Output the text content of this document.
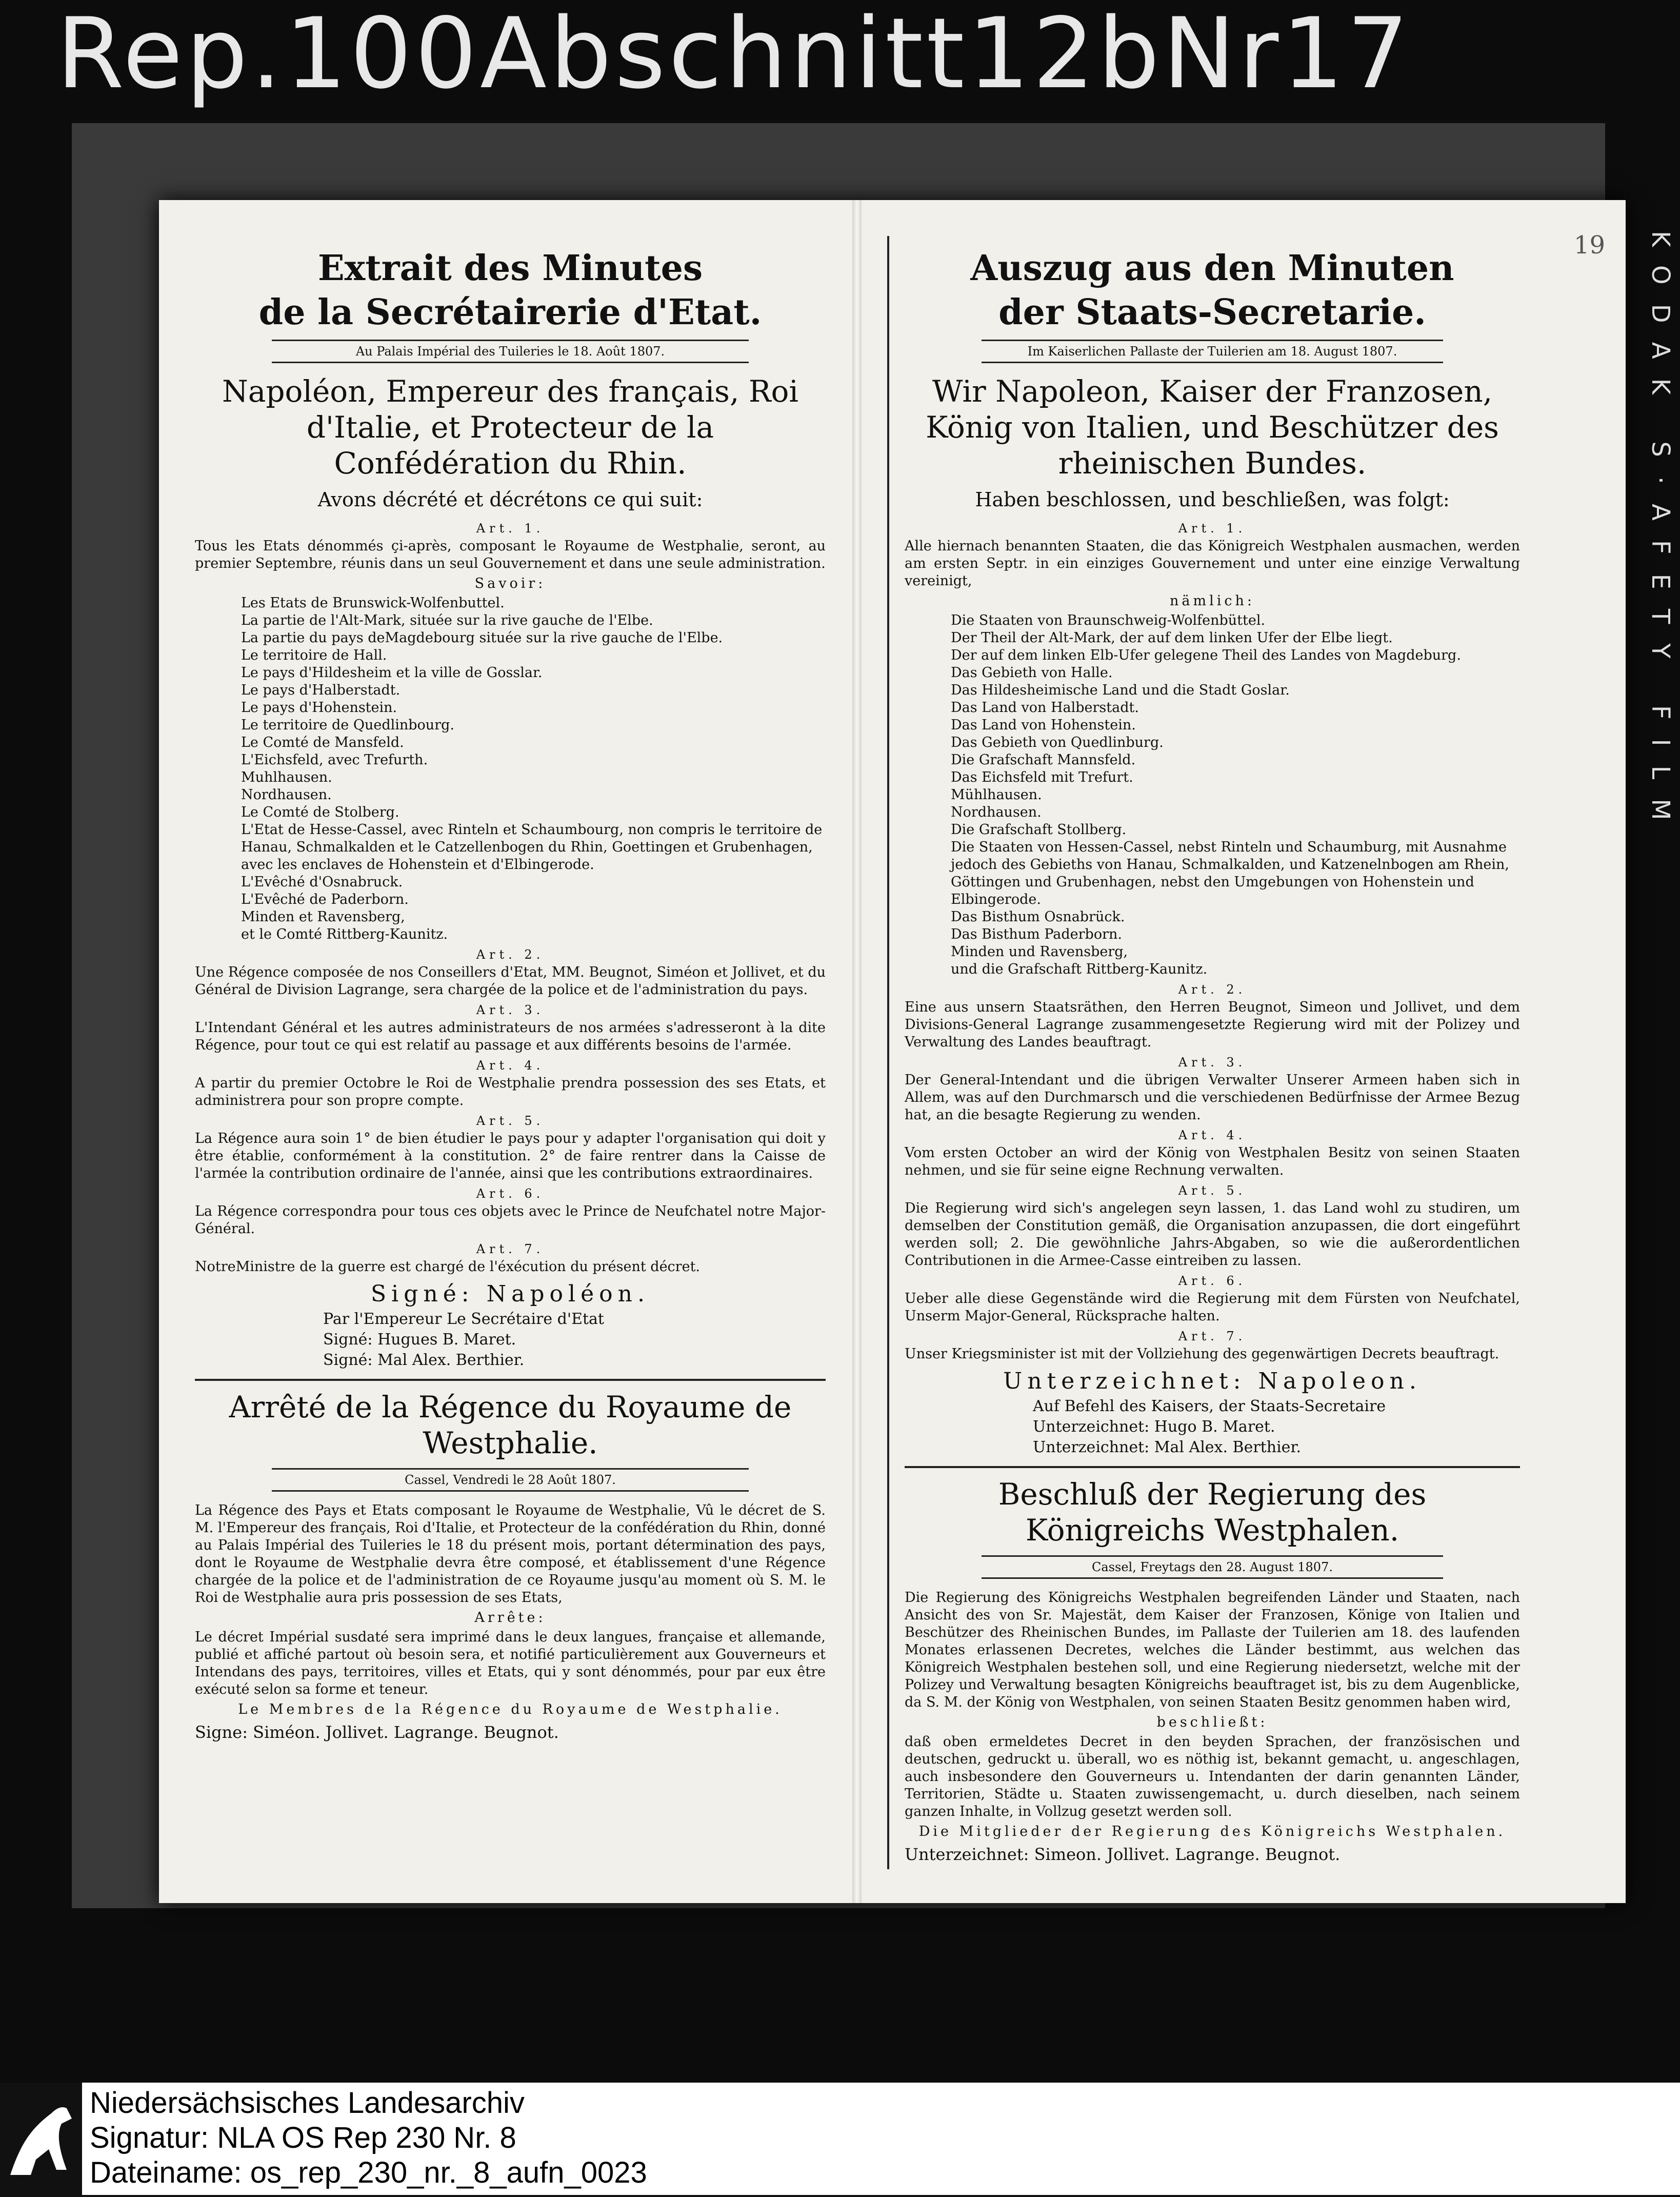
Rep.100Abschnitt12bNr17
KODAK S·AFETY FILM
19
Extrait des Minutes
de la Secrétairerie d'Etat.
Au Palais Impérial des Tuileries le 18. Août 1807.
Napoléon, Empereur des français, Roi d'Italie, et Protecteur de la Confédération du Rhin.
Avons décrété et décrétons ce qui suit:
Art. 1.

Tous les Etats dénommés çi-après, composant le Royaume de Westphalie, seront, au premier Septembre, réunis dans un seul Gouvernement et dans une seule administration.

Savoir:
Les Etats de Brunswick-Wolfenbuttel.
La partie de l'Alt-Mark, située sur la rive gauche de l'Elbe.
La partie du pays deMagdebourg située sur la rive gauche de l'Elbe.
Le territoire de Hall.
Le pays d'Hildesheim et la ville de Gosslar.
Le pays d'Halberstadt.
Le pays d'Hohenstein.
Le territoire de Quedlinbourg.
Le Comté de Mansfeld.
L'Eichsfeld, avec Trefurth.
Muhlhausen.
Nordhausen.
Le Comté de Stolberg.
L'Etat de Hesse-Cassel, avec Rinteln et Schaumbourg, non compris le territoire de Hanau, Schmalkalden et le Catzellenbogen du Rhin, Goettingen et Grubenhagen, avec les enclaves de Hohenstein et d'Elbingerode.
L'Evêché d'Osnabruck.
L'Evêché de Paderborn.
Minden et Ravensberg,
et le Comté Rittberg-Kaunitz.
Art. 2.

Une Régence composée de nos Conseillers d'Etat, MM. Beugnot, Siméon et Jollivet, et du Général de Division Lagrange, sera chargée de la police et de l'administration du pays.

Art. 3.

L'Intendant Général et les autres administrateurs de nos armées s'adresseront à la dite Régence, pour tout ce qui est relatif au passage et aux différents besoins de l'armée.

Art. 4.

A partir du premier Octobre le Roi de Westphalie prendra possession des ses Etats, et administrera pour son propre compte.

Art. 5.

La Régence aura soin 1° de bien étudier le pays pour y adapter l'organisation qui doit y être établie, conformément à la constitution. 2° de faire rentrer dans la Caisse de l'armée la contribution ordinaire de l'année, ainsi que les contributions extraordinaires.

Art. 6.

La Régence correspondra pour tous ces objets avec le Prince de Neufchatel notre Major-Général.

Art. 7.

NotreMinistre de la guerre est chargé de l'éxécution du présent décret.

Signé: Napoléon.
Par l'Empereur Le Secrétaire d'Etat
Signé: Hugues B. Maret.
Signé: Mal Alex. Berthier.
Arrêté de la Régence du Royaume de Westphalie.
Cassel, Vendredi le 28 Août 1807.

La Régence des Pays et Etats composant le Royaume de Westphalie, Vû le décret de S. M. l'Empereur des français, Roi d'Italie, et Protecteur de la confédération du Rhin, donné au Palais Impérial des Tuileries le 18 du présent mois, portant détermination des pays, dont le Royaume de Westphalie devra être composé, et établissement d'une Régence chargée de la police et de l'administration de ce Royaume jusqu'au moment où S. M. le Roi de Westphalie aura pris possession de ses Etats,

Arrête:

Le décret Impérial susdaté sera imprimé dans le deux langues, française et allemande, publié et affiché partout où besoin sera, et notifié particulièrement aux Gouverneurs et Intendans des pays, territoires, villes et Etats, qui y sont dénommés, pour par eux être exécuté selon sa forme et teneur.

Le Membres de la Régence du Royaume de Westphalie.
Signe: Siméon. Jollivet. Lagrange. Beugnot.
Auszug aus den Minuten
der Staats-Secretarie.
Im Kaiserlichen Pallaste der Tuilerien am 18. August 1807.
Wir Napoleon, Kaiser der Franzosen, König von Italien, und Beschützer des rheinischen Bundes.
Haben beschlossen, und beschließen, was folgt:
Art. 1.

Alle hiernach benannten Staaten, die das Königreich Westphalen ausmachen, werden am ersten Septr. in ein einziges Gouvernement und unter eine einzige Verwaltung vereinigt,

nämlich:
Die Staaten von Braunschweig-Wolfenbüttel.
Der Theil der Alt-Mark, der auf dem linken Ufer der Elbe liegt.
Der auf dem linken Elb-Ufer gelegene Theil des Landes von Magdeburg.
Das Gebieth von Halle.
Das Hildesheimische Land und die Stadt Goslar.
Das Land von Halberstadt.
Das Land von Hohenstein.
Das Gebieth von Quedlinburg.
Die Grafschaft Mannsfeld.
Das Eichsfeld mit Trefurt.
Mühlhausen.
Nordhausen.
Die Grafschaft Stollberg.
Die Staaten von Hessen-Cassel, nebst Rinteln und Schaumburg, mit Ausnahme jedoch des Gebieths von Hanau, Schmalkalden, und Katzenelnbogen am Rhein, Göttingen und Grubenhagen, nebst den Umgebungen von Hohenstein und Elbingerode.
Das Bisthum Osnabrück.
Das Bisthum Paderborn.
Minden und Ravensberg,
und die Grafschaft Rittberg-Kaunitz.
Art. 2.

Eine aus unsern Staatsräthen, den Herren Beugnot, Simeon und Jollivet, und dem Divisions-General Lagrange zusammengesetzte Regierung wird mit der Polizey und Verwaltung des Landes beauftragt.

Art. 3.

Der General-Intendant und die übrigen Verwalter Unserer Armeen haben sich in Allem, was auf den Durchmarsch und die verschiedenen Bedürfnisse der Armee Bezug hat, an die besagte Regierung zu wenden.

Art. 4.

Vom ersten October an wird der König von Westphalen Besitz von seinen Staaten nehmen, und sie für seine eigne Rechnung verwalten.

Art. 5.

Die Regierung wird sich's angelegen seyn lassen, 1. das Land wohl zu studiren, um demselben der Constitution gemäß, die Organisation anzupassen, die dort eingeführt werden soll; 2. Die gewöhnliche Jahrs-Abgaben, so wie die außerordentlichen Contributionen in die Armee-Casse eintreiben zu lassen.

Art. 6.

Ueber alle diese Gegenstände wird die Regierung mit dem Fürsten von Neufchatel, Unserm Major-General, Rücksprache halten.

Art. 7.

Unser Kriegsminister ist mit der Vollziehung des gegenwärtigen Decrets beauftragt.

Unterzeichnet: Napoleon.
Auf Befehl des Kaisers, der Staats-Secretaire
Unterzeichnet: Hugo B. Maret.
Unterzeichnet: Mal Alex. Berthier.
Beschluß der Regierung des Königreichs Westphalen.
Cassel, Freytags den 28. August 1807.

Die Regierung des Königreichs Westphalen begreifenden Länder und Staaten, nach Ansicht des von Sr. Majestät, dem Kaiser der Franzosen, Könige von Italien und Beschützer des Rheinischen Bundes, im Pallaste der Tuilerien am 18. des laufenden Monates erlassenen Decretes, welches die Länder bestimmt, aus welchen das Königreich Westphalen bestehen soll, und eine Regierung niedersetzt, welche mit der Polizey und Verwaltung besagten Königreichs beauftraget ist, bis zu dem Augenblicke, da S. M. der König von Westphalen, von seinen Staaten Besitz genommen haben wird,

beschließt:

daß oben ermeldetes Decret in den beyden Sprachen, der französischen und deutschen, gedruckt u. überall, wo es nöthig ist, bekannt gemacht, u. angeschlagen, auch insbesondere den Gouverneurs u. Intendanten der darin genannten Länder, Territorien, Städte u. Staaten zuwissengemacht, u. durch dieselben, nach seinem ganzen Inhalte, in Vollzug gesetzt werden soll.

Die Mitglieder der Regierung des Königreichs Westphalen.
Unterzeichnet: Simeon. Jollivet. Lagrange. Beugnot.
Niedersächsisches Landesarchiv
Signatur: NLA OS Rep 230 Nr. 8
Dateiname: os_rep_230_nr._8_aufn_0023
